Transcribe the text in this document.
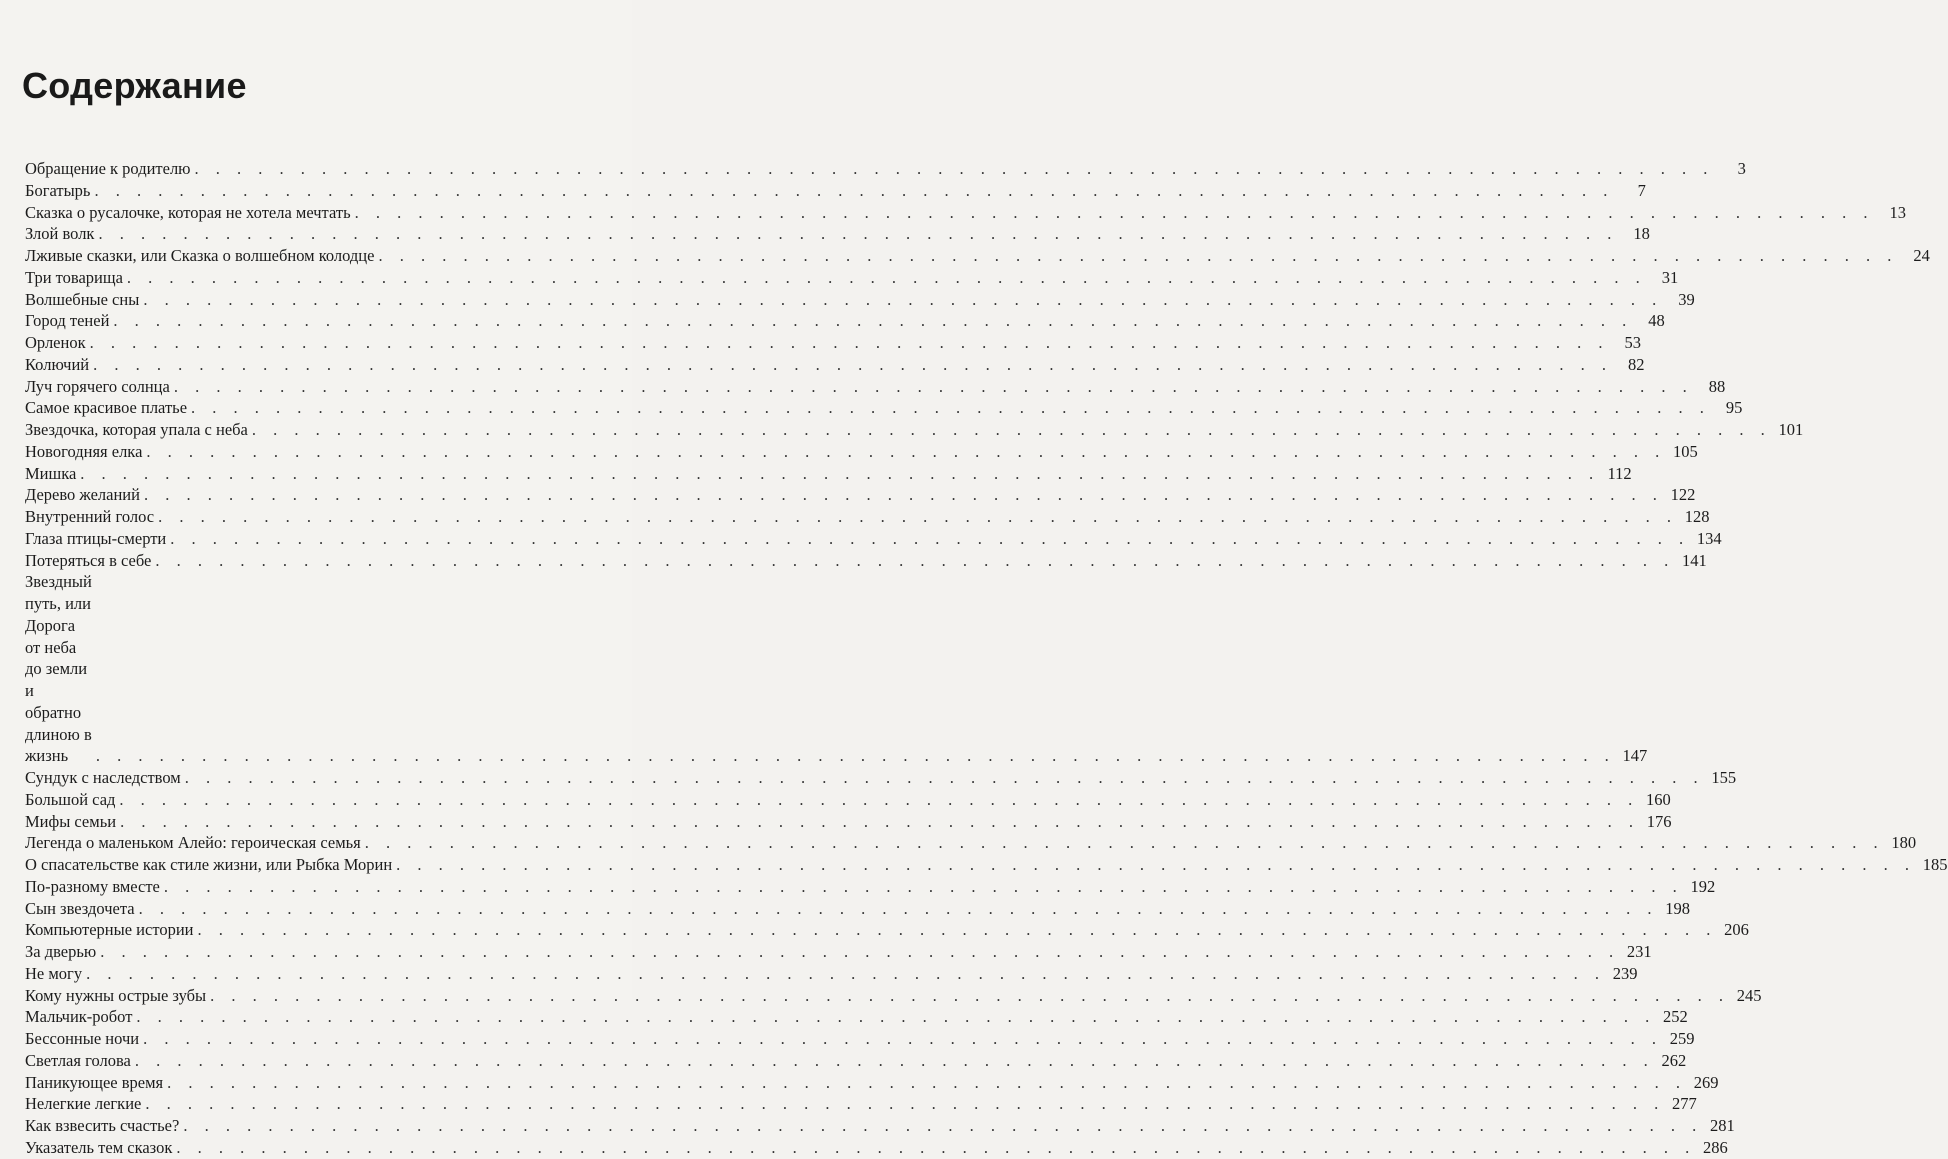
Содержание
Обращение к родителю . . .	3
Богатырь . . .	7
Сказка о русалочке, которая не хотела мечтать . . .	13
Злой волк . . .	18
Лживые сказки, или Сказка о волшебном колодце . . .	24
Три товарища . . .	31
Волшебные сны . . .	39
Город теней . . .	48
Орленок . . .	53
Колючий . . .	82
Луч горячего солнца . . .	88
Самое красивое платье . . .	95
Звездочка, которая упала с неба . . .	101
Новогодняя елка . . .	105
Мишка . . .	112
Дерево желаний . . .	122
Внутренний голос . . .	128
Глаза птицы-смерти . . .	134
Потеряться в себе . . .	141
Звездный путь, или Дорога от неба до земли и обратно длиною в жизнь . . .	147
Сундук с наследством . . .	155
Большой сад . . .	160
Мифы семьи . . .	176
Легенда о маленьком Алейо: героическая семья . . .	180
О спасательстве как стиле жизни, или Рыбка Морин . . .	185
По-разному вместе . . .	192
Сын звездочета . . .	198
Компьютерные истории . . .	206
За дверью . . .	231
Не могу . . .	239
Кому нужны острые зубы . . .	245
Мальчик-робот . . .	252
Бессонные ночи . . .	259
Светлая голова . . .	262
Паникующее время . . .	269
Нелегкие легкие . . .	277
Как взвесить счастье? . . .	281
Указатель тем сказок . . .	286
